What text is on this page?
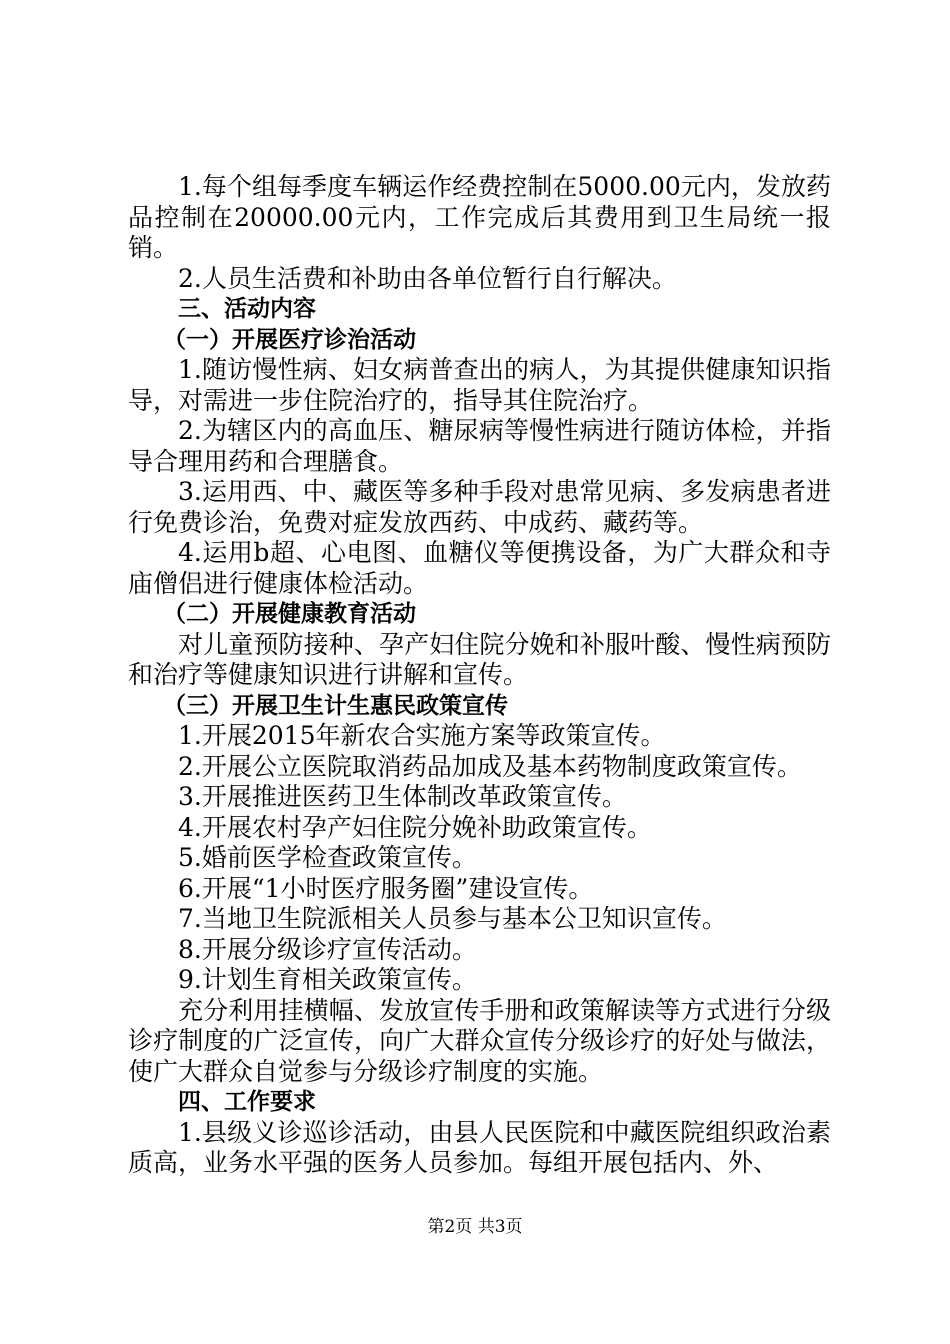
1.每个组每季度车辆运作经费控制在5000.00元内，发放药品控制在20000.00元内，工作完成后其费用到卫生局统一报销。

2.人员生活费和补助由各单位暂行自行解决。

三、活动内容

（一）开展医疗诊治活动

1.随访慢性病、妇女病普查出的病人，为其提供健康知识指导，对需进一步住院治疗的，指导其住院治疗。

2.为辖区内的高血压、糖尿病等慢性病进行随访体检，并指导合理用药和合理膳食。

3.运用西、中、藏医等多种手段对患常见病、多发病患者进行免费诊治，免费对症发放西药、中成药、藏药等。

4.运用b超、心电图、血糖仪等便携设备，为广大群众和寺庙僧侣进行健康体检活动。

（二）开展健康教育活动

对儿童预防接种、孕产妇住院分娩和补服叶酸、慢性病预防和治疗等健康知识进行讲解和宣传。

（三）开展卫生计生惠民政策宣传

1.开展2015年新农合实施方案等政策宣传。

2.开展公立医院取消药品加成及基本药物制度政策宣传。

3.开展推进医药卫生体制改革政策宣传。

4.开展农村孕产妇住院分娩补助政策宣传。

5.婚前医学检查政策宣传。

6.开展“1小时医疗服务圈”建设宣传。

7.当地卫生院派相关人员参与基本公卫知识宣传。

8.开展分级诊疗宣传活动。

9.计划生育相关政策宣传。

充分利用挂横幅、发放宣传手册和政策解读等方式进行分级诊疗制度的广泛宣传，向广大群众宣传分级诊疗的好处与做法，使广大群众自觉参与分级诊疗制度的实施。

四、工作要求

1.县级义诊巡诊活动，由县人民医院和中藏医院组织政治素质高，业务水平强的医务人员参加。每组开展包括内、外、

第2页 共3页
